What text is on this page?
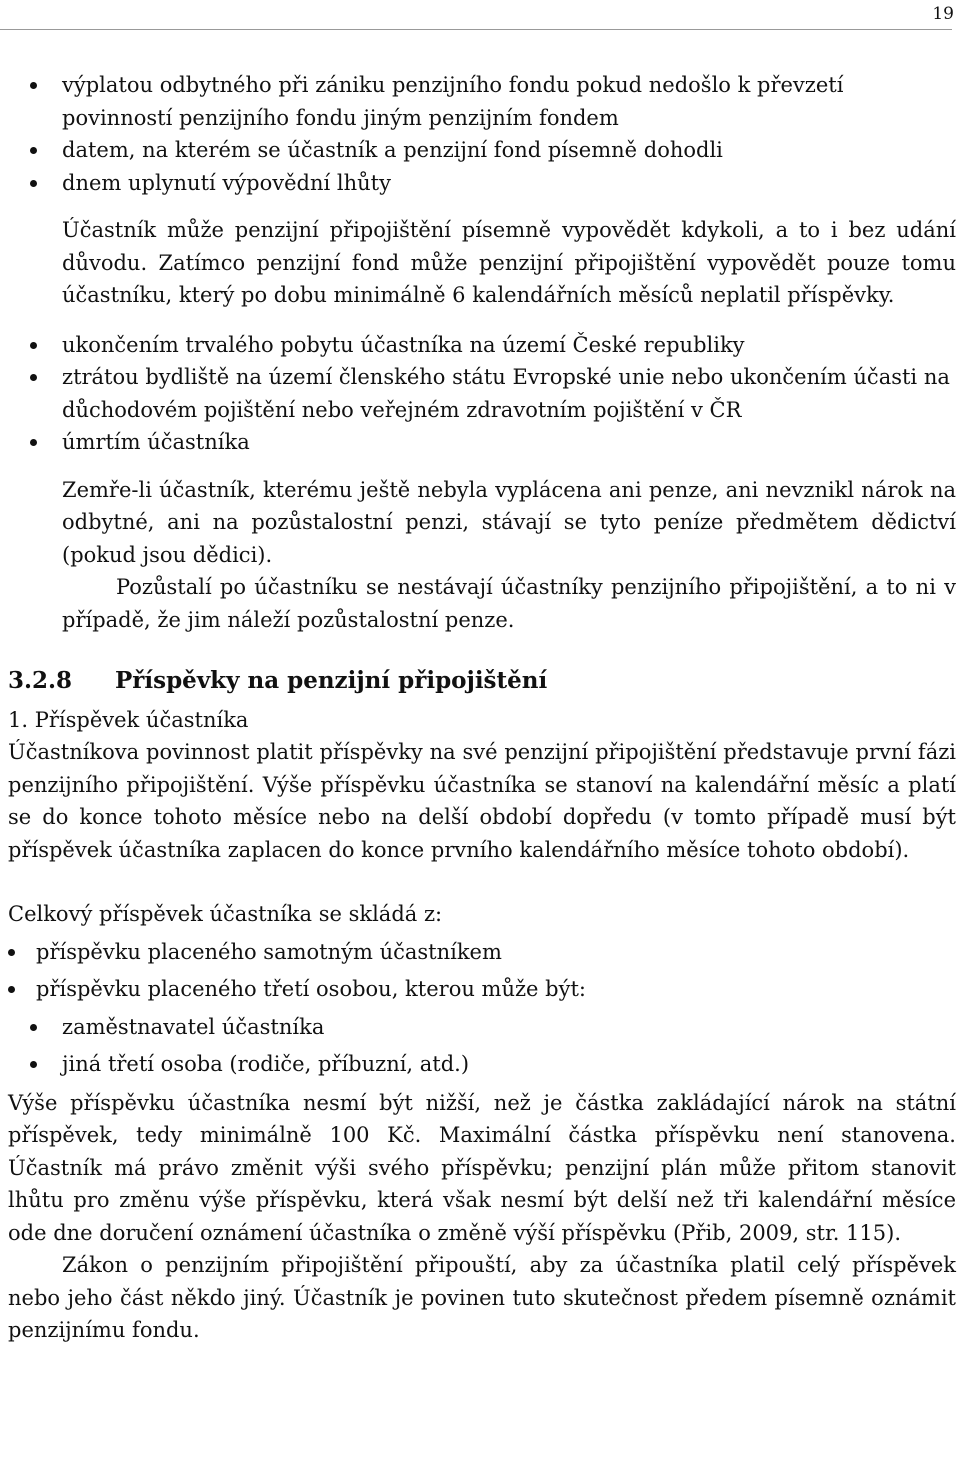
19
výplatou odbytného při zániku penzijního fondu pokud nedošlo k převzetí povinností penzijního fondu jiným penzijním fondem
datem, na kterém se účastník a penzijní fond písemně dohodli
dnem uplynutí výpovědní lhůty

Účastník může penzijní připojištění písemně vypovědět kdykoli, a to i bez udání důvodu. Zatímco penzijní fond může penzijní připojištění vypovědět pouze tomu účastníku, který po dobu minimálně 6 kalendářních měsíců neplatil příspěvky.

ukončením trvalého pobytu účastníka na území České republiky
ztrátou bydliště na území členského státu Evropské unie nebo ukončením účasti na důchodovém pojištění nebo veřejném zdravotním pojištění v ČR
úmrtím účastníka

Zemře-li účastník, kterému ještě nebyla vyplácena ani penze, ani nevznikl nárok na odbytné, ani na pozůstalostní penzi, stávají se tyto peníze předmětem dědictví (pokud jsou dědici).

Pozůstalí po účastníku se nestávají účastníky penzijního připojištění, a to ni v případě, že jim náleží pozůstalostní penze.

3.2.8 Příspěvky na penzijní připojištění

1. Příspěvek účastníka

Účastníkova povinnost platit příspěvky na své penzijní připojištění představuje první fázi penzijního připojištění. Výše příspěvku účastníka se stanoví na kalendářní měsíc a platí se do konce tohoto měsíce nebo na delší období dopředu (v tomto případě musí být příspěvek účastníka zaplacen do konce prvního kalendářního měsíce tohoto období).

Celkový příspěvek účastníka se skládá z:

příspěvku placeného samotným účastníkem
příspěvku placeného třetí osobou, kterou může být:
zaměstnavatel účastníka
jiná třetí osoba (rodiče, příbuzní, atd.)

Výše příspěvku účastníka nesmí být nižší, než je částka zakládající nárok na státní příspěvek, tedy minimálně 100 Kč. Maximální částka příspěvku není stanovena. Účastník má právo změnit výši svého příspěvku; penzijní plán může přitom stanovit lhůtu pro změnu výše příspěvku, která však nesmí být delší než tři kalendářní měsíce ode dne doručení oznámení účastníka o změně výší příspěvku (Přib, 2009, str. 115).

Zákon o penzijním připojištění připouští, aby za účastníka platil celý příspěvek nebo jeho část někdo jiný. Účastník je povinen tuto skutečnost předem písemně oznámit penzijnímu fondu.
